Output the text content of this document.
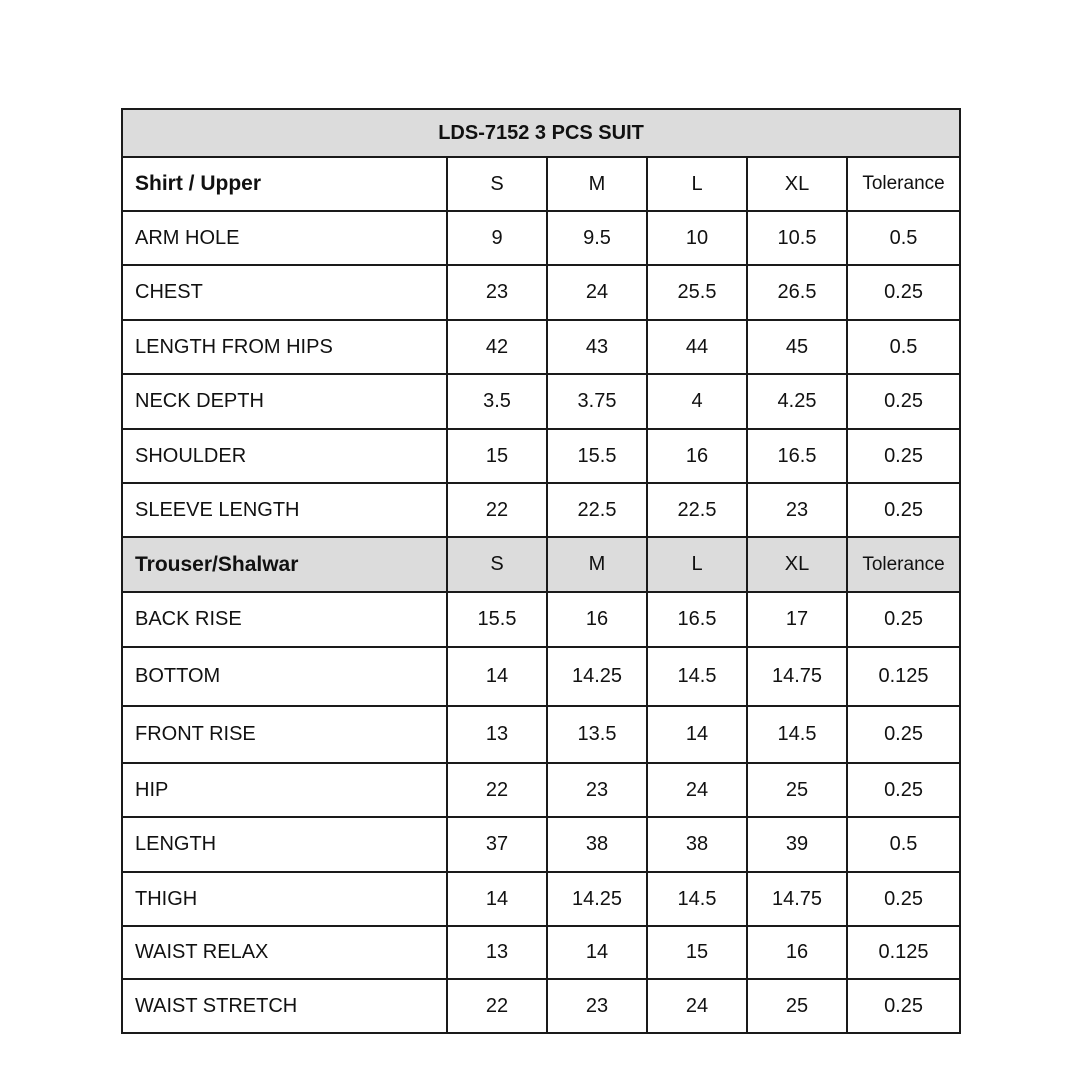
LDS-7152 3 PCS SUIT					
Shirt / Upper	S	M	L	XL	Tolerance
ARM HOLE	9	9.5	10	10.5	0.5
CHEST	23	24	25.5	26.5	0.25
LENGTH FROM HIPS	42	43	44	45	0.5
NECK DEPTH	3.5	3.75	4	4.25	0.25
SHOULDER	15	15.5	16	16.5	0.25
SLEEVE LENGTH	22	22.5	22.5	23	0.25
Trouser/Shalwar	S	M	L	XL	Tolerance
BACK RISE	15.5	16	16.5	17	0.25
BOTTOM	14	14.25	14.5	14.75	0.125
FRONT RISE	13	13.5	14	14.5	0.25
HIP	22	23	24	25	0.25
LENGTH	37	38	38	39	0.5
THIGH	14	14.25	14.5	14.75	0.25
WAIST RELAX	13	14	15	16	0.125
WAIST STRETCH	22	23	24	25	0.25
